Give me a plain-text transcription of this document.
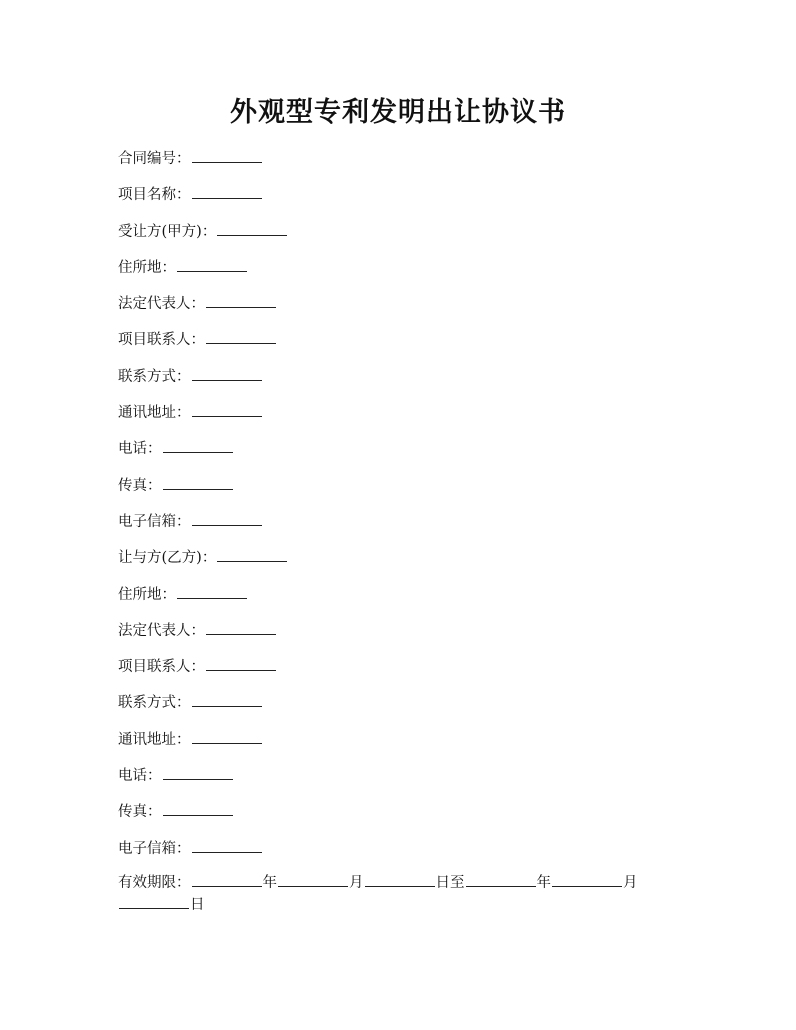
外观型专利发明出让协议书
合同编号：
项目名称：
受让方(甲方)：
住所地：
法定代表人：
项目联系人：
联系方式：
通讯地址：
电话：
传真：
电子信箱：
让与方(乙方)：
住所地：
法定代表人：
项目联系人：
联系方式：
通讯地址：
电话：
传真：
电子信箱：
有效期限：	年	月	日至	年	月
日
